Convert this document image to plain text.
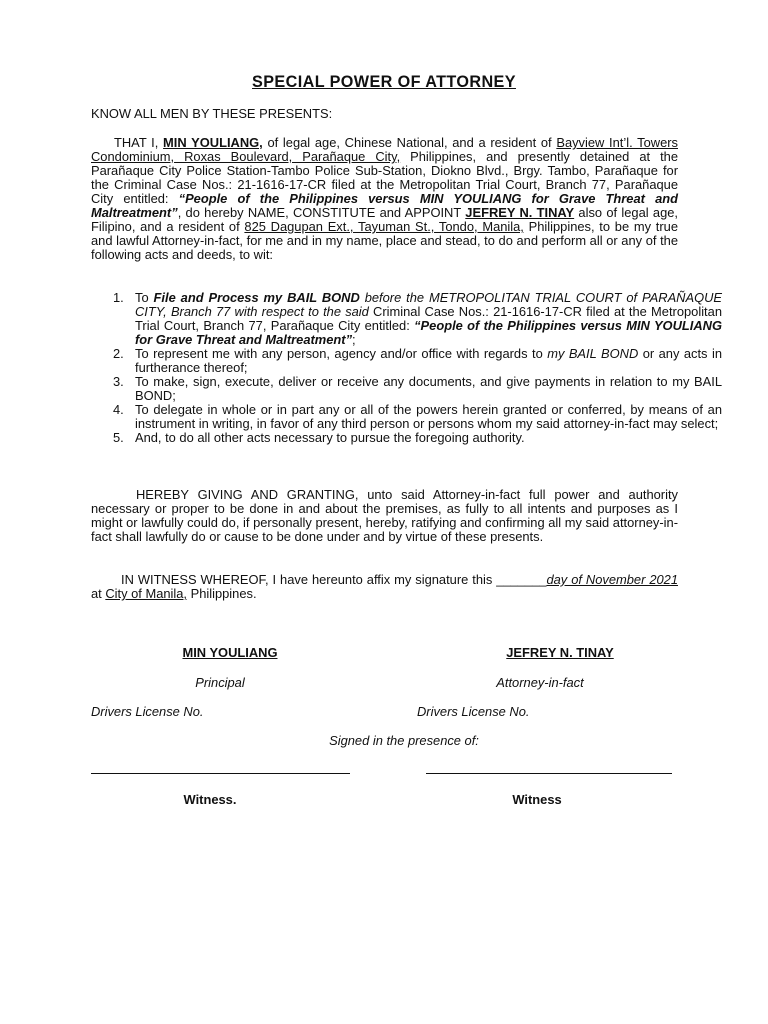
SPECIAL POWER OF ATTORNEY
KNOW ALL MEN BY THESE PRESENTS:
THAT I, MIN YOULIANG, of legal age, Chinese National, and a resident of Bayview Int’l. Towers Condominium, Roxas Boulevard, Parañaque City, Philippines, and presently detained at the Parañaque City Police Station-Tambo Police Sub-Station, Diokno Blvd., Brgy. Tambo, Parañaque for the Criminal Case Nos.: 21-1616-17-CR filed at the Metropolitan Trial Court, Branch 77, Parañaque City entitled: “People of the Philippines versus MIN YOULIANG for Grave Threat and Maltreatment”, do hereby NAME, CONSTITUTE and APPOINT JEFREY N. TINAY also of legal age, Filipino, and a resident of 825 Dagupan Ext., Tayuman St., Tondo, Manila, Philippines, to be my true and lawful Attorney-in-fact, for me and in my name, place and stead, to do and perform all or any of the following acts and deeds, to wit:
1. To File and Process my BAIL BOND before the METROPOLITAN TRIAL COURT of PARAÑAQUE CITY, Branch 77 with respect to the said Criminal Case Nos.: 21-1616-17-CR filed at the Metropolitan Trial Court, Branch 77, Parañaque City entitled: “People of the Philippines versus MIN YOULIANG for Grave Threat and Maltreatment”;
2. To represent me with any person, agency and/or office with regards to my BAIL BOND or any acts in furtherance thereof;
3. To make, sign, execute, deliver or receive any documents, and give payments in relation to my BAIL BOND;
4. To delegate in whole or in part any or all of the powers herein granted or conferred, by means of an instrument in writing, in favor of any third person or persons whom my said attorney-in-fact may select;
5. And, to do all other acts necessary to pursue the foregoing authority.
HEREBY GIVING AND GRANTING, unto said Attorney-in-fact full power and authority necessary or proper to be done in and about the premises, as fully to all intents and purposes as I might or lawfully could do, if personally present, hereby, ratifying and confirming all my said attorney-in-fact shall lawfully do or cause to be done under and by virtue of these presents.
IN WITNESS WHEREOF, I have hereunto affix my signature this _______day of November 2021 at City of Manila, Philippines.
MIN YOULIANG	JEFREY N. TINAY
Principal	Attorney-in-fact
Drivers License No.	Drivers License No.
Signed in the presence of:
Witness.	Witness
